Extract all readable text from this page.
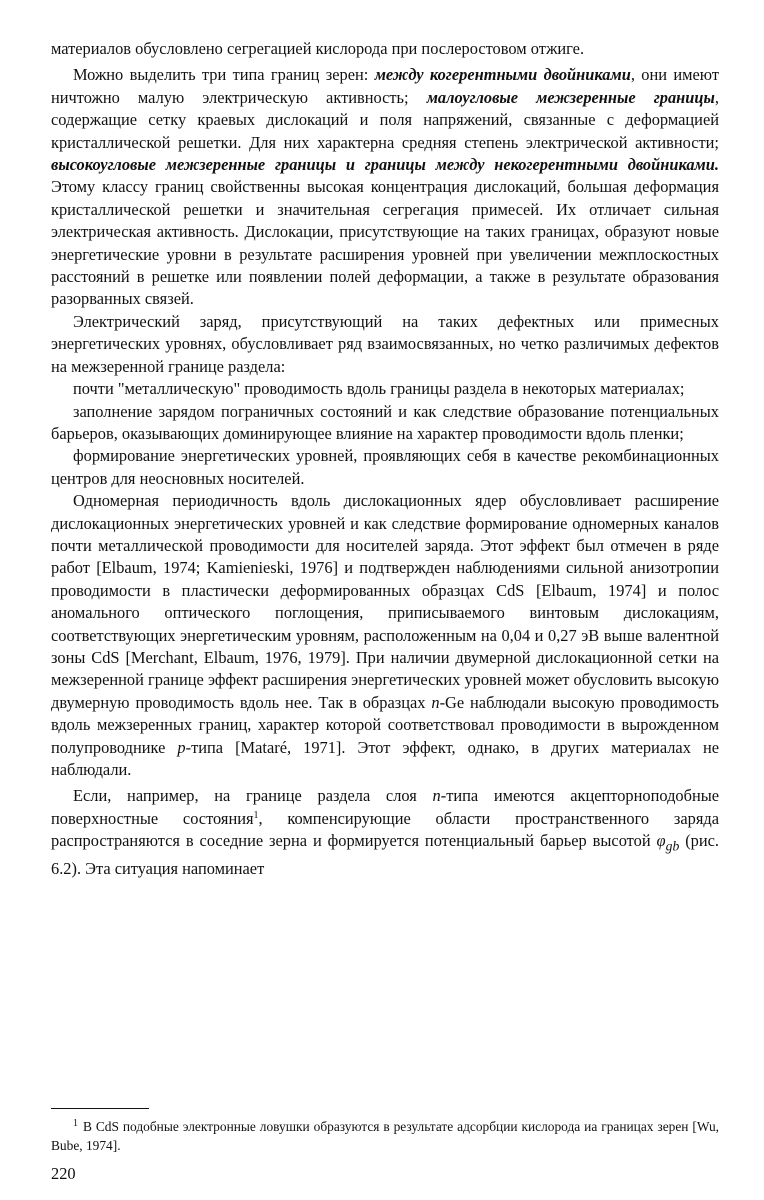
материалов обусловлено сегрегацией кислорода при послеростовом отжиге.

Можно выделить три типа границ зерен: между когерентными двойниками, они имеют ничтожно малую электрическую активность; малоугловые межзеренные границы, содержащие сетку краевых дислокаций и поля напряжений, связанные с деформацией кристаллической решетки. Для них характерна средняя степень электрической активности; высокоугловые межзеренные границы и границы между некогерентными двойниками. Этому классу границ свойственны высокая концентрация дислокаций, большая деформация кристаллической решетки и значительная сегрегация примесей. Их отличает сильная электрическая активность. Дислокации, присутствующие на таких границах, образуют новые энергетические уровни в результате расширения уровней при увеличении межплоскостных расстояний в решетке или появлении полей деформации, а также в результате образования разорванных связей.

Электрический заряд, присутствующий на таких дефектных или примесных энергетических уровнях, обусловливает ряд взаимосвязанных, но четко различимых дефектов на межзеренной границе раздела:

почти "металлическую" проводимость вдоль границы раздела в некоторых материалах;

заполнение зарядом пограничных состояний и как следствие образование потенциальных барьеров, оказывающих доминирующее влияние на характер проводимости вдоль пленки;

формирование энергетических уровней, проявляющих себя в качестве рекомбинационных центров для неосновных носителей.

Одномерная периодичность вдоль дислокационных ядер обусловливает расширение дислокационных энергетических уровней и как следствие формирование одномерных каналов почти металлической проводимости для носителей заряда. Этот эффект был отмечен в ряде работ [Elbaum, 1974; Kamienieski, 1976] и подтвержден наблюдениями сильной анизотропии проводимости в пластически деформированных образцах CdS [Elbaum, 1974] и полос аномального оптического поглощения, приписываемого винтовым дислокациям, соответствующих энергетическим уровням, расположенным на 0,04 и 0,27 эВ выше валентной зоны CdS [Merchant, Elbaum, 1976, 1979]. При наличии двумерной дислокационной сетки на межзеренной границе эффект расширения энергетических уровней может обусловить высокую двумерную проводимость вдоль нее. Так в образцах n-Ge наблюдали высокую проводимость вдоль межзеренных границ, характер которой соответствовал проводимости в вырожденном полупроводнике p-типа [Mataré, 1971]. Этот эффект, однако, в других материалах не наблюдали.

Если, например, на границе раздела слоя n-типа имеются акцепторноподобные поверхностные состояния$^1$, компенсирующие области пространственного заряда распространяются в соседние зерна и формируется потенциальный барьер высотой $\varphi_{gb}$ (рис. 6.2). Эта ситуация напоминает

1 В CdS подобные электронные ловушки образуются в результате адсорбции кислорода иа границах зерен [Wu, Bube, 1974].
220
